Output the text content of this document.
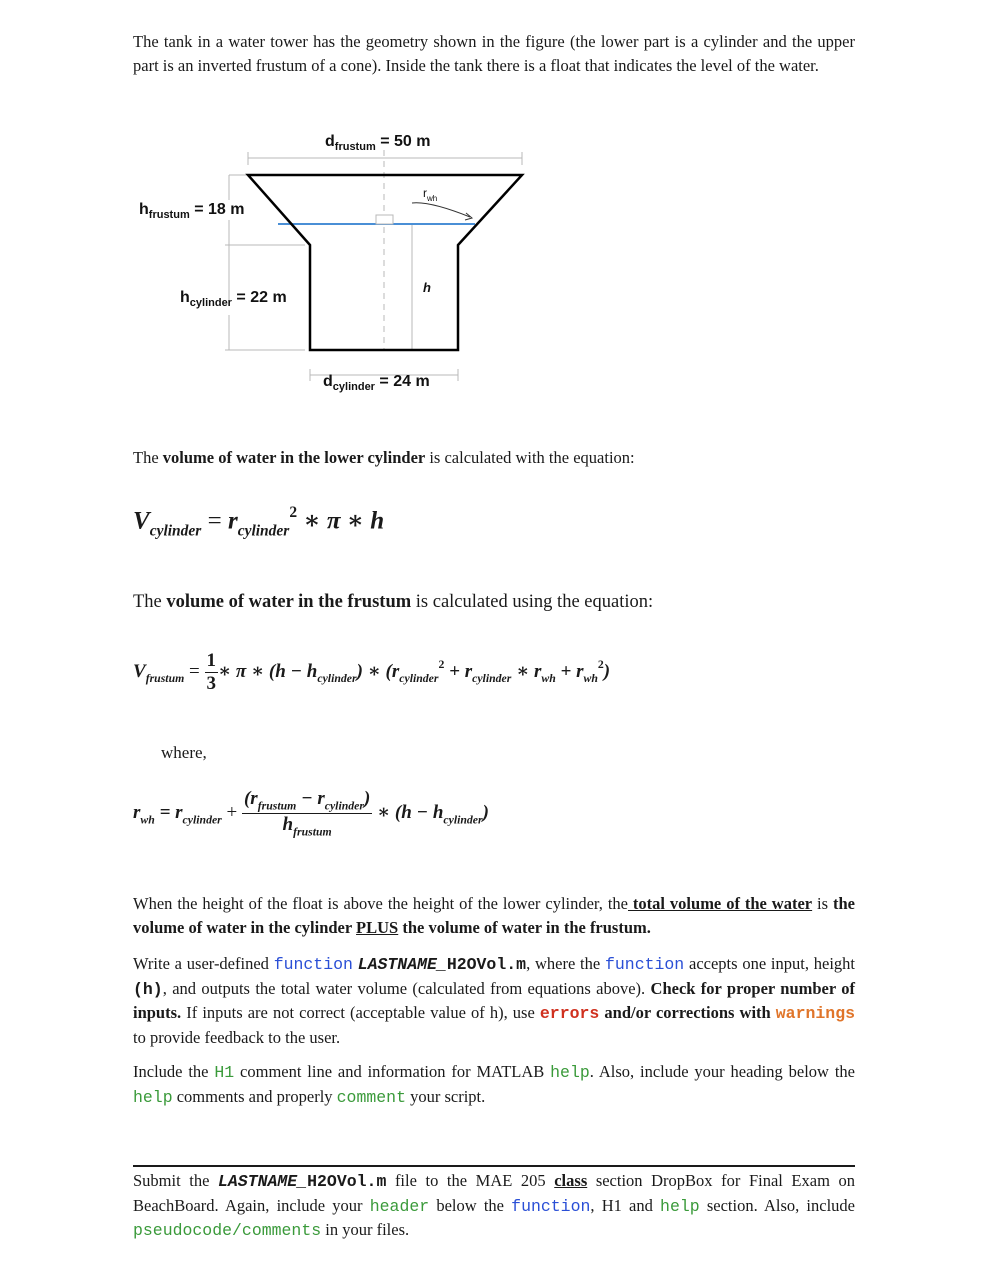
The tank in a water tower has the geometry shown in the figure (the lower part is a cylinder and the upper part is an inverted frustum of a cone). Inside the tank there is a float that indicates the level of the water.
$d_{frustum} = 50$ m
$h_{frustum} = 18$ m
$h_{cylinder} = 22$ m
$d_{cylinder} = 24$ m
$r_{wh}$
h
The volume of water in the lower cylinder is calculated with the equation:
$V_{cylinder} = r_{cylinder}^2$ ∗ π ∗ h
The volume of water in the frustum is calculated using the equation:
$V_{frustum} = \frac{1}{3}$ ∗ π ∗ $(h - h_{cylinder})$ ∗ ($r_{cylinder}^2 + r_{cylinder}$ ∗ $r_{wh} + r_{wh}^2$)
where,
$r_{wh} = r_{cylinder} + \frac{(r_{frustum} - r_{cylinder})}{h_{frustum}}$ ∗ $(h - h_{cylinder})$
When the height of the float is above the height of the lower cylinder, the total volume of the water is the volume of water in the cylinder PLUS the volume of water in the frustum.
Write a user-defined function LASTNAME_H2OVol.m, where the function accepts one input, height (h), and outputs the total water volume (calculated from equations above). Check for proper number of inputs. If inputs are not correct (acceptable value of h), use errors and/or corrections with warnings to provide feedback to the user.
Include the H1 comment line and information for MATLAB help. Also, include your heading below the help comments and properly comment your script.
Submit the LASTNAME_H2OVol.m file to the MAE 205 class section DropBox for Final Exam on BeachBoard. Again, include your header below the function, H1 and help section. Also, include pseudocode/comments in your files.
